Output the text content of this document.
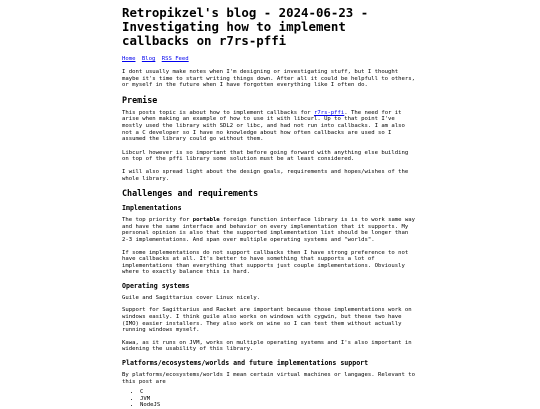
Retropikzel's blog - 2024-06-23 - Investigating how to implement callbacks on r7rs-pffi
Home Blog RSS Feed

I dont usually make notes when I'm designing or investigating stuff, but I thought maybe it's time to start writing things down. After all it could be helpfull to others, or myself in the future when I have forgotten everything like I often do.

Premise

This posts topic is about how to implement callbacks for r7rs-pffi. The need for it arise when making an example of how to use it with libcurl. Up to that point I've mostly used the library with SDL2 or libc, and had not run into callbacks. I am also not a C developer so I have no knowledge about how often callbacks are used so I assumed the library could go without them.

Libcurl however is so important that before going forward with anything else building on top of the pffi library some solution must be at least considered.

I will also spread light about the design goals, requirements and hopes/wishes of the whole library.

Challenges and requirements
Implementations

The top priority for portable foreign function interface library is is to work same way and have the same interface and behavior on every implementation that it supports. My personal opinion is also that the supported implementation list should be longer than 2-3 implementations. And span over multiple operating systems and "worlds".

If some implementations do not support callbacks then I have strong preference to not have callbacks at all. It's better to have something that supports a lot of implementations than everything that supports just couple implementations. Obviously where to exactly balance this is hard.

Operating systems

Guile and Sagittarius cover Linux nicely.

Support for Sagittarius and Racket are important because those implementations work on windows easily. I think guile also works on windows with cygwin, but these two have (IMO) easier installers. They also work on wine so I can test them without actually running windows myself.

Kawa, as it runs on JVM, works on multiple operating systems and I's also important in widening the usability of this library.

Platforms/ecosystems/worlds and future implementations support

By platforms/ecosystems/worlds I mean certain virtual machines or langages. Relevant to this post are

• C
• JVM
• NodeJS
